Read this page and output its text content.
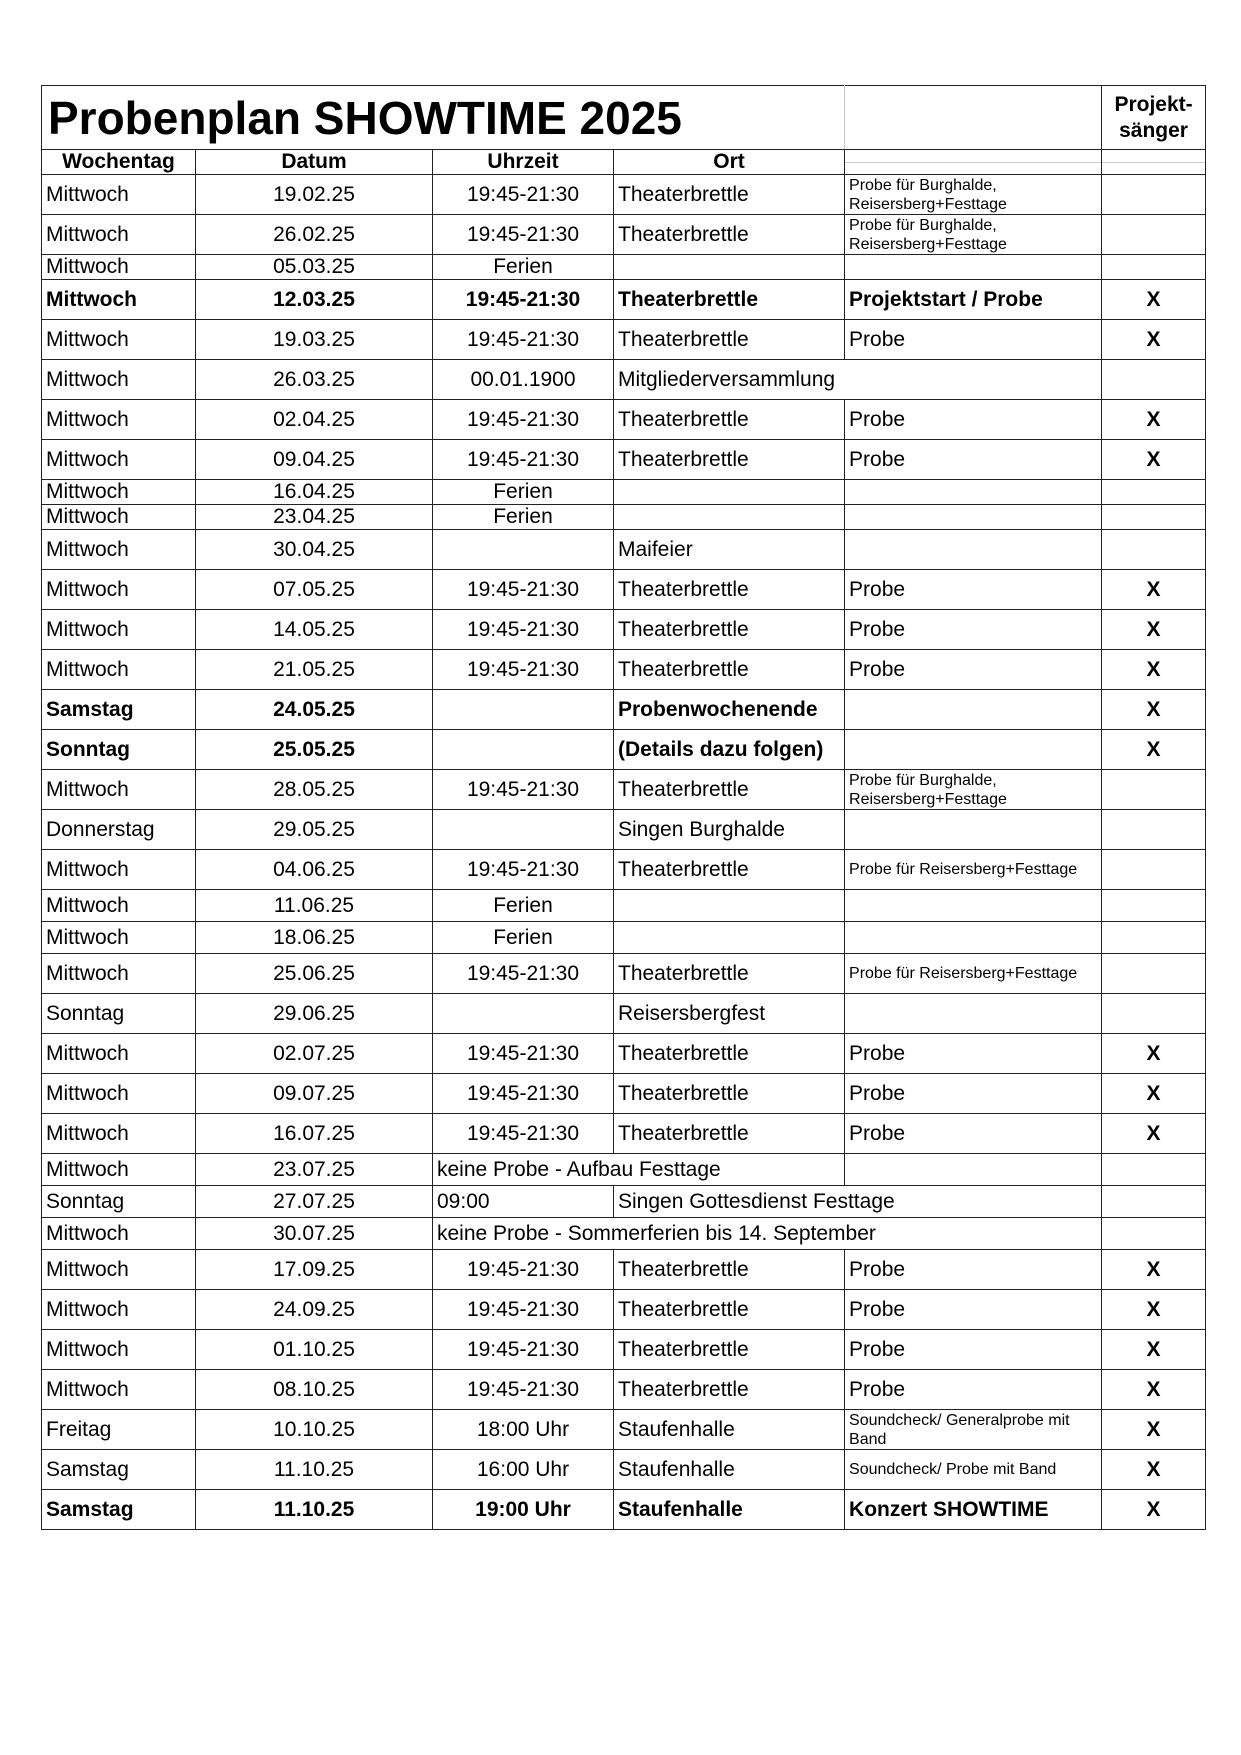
Probenplan SHOWTIME 2025					Projekt-
sänger
Wochentag	Datum	Uhrzeit	Ort		
Mittwoch	19.02.25	19:45-21:30	Theaterbrettle	Probe für Burghalde, Reisersberg+Festtage	
Mittwoch	26.02.25	19:45-21:30	Theaterbrettle	Probe für Burghalde, Reisersberg+Festtage	
Mittwoch	05.03.25	Ferien			
Mittwoch	12.03.25	19:45-21:30	Theaterbrettle	Projektstart / Probe	X
Mittwoch	19.03.25	19:45-21:30	Theaterbrettle	Probe	X
Mittwoch	26.03.25	00.01.1900	Mitgliederversammlung		
Mittwoch	02.04.25	19:45-21:30	Theaterbrettle	Probe	X
Mittwoch	09.04.25	19:45-21:30	Theaterbrettle	Probe	X
Mittwoch	16.04.25	Ferien			
Mittwoch	23.04.25	Ferien			
Mittwoch	30.04.25		Maifeier		
Mittwoch	07.05.25	19:45-21:30	Theaterbrettle	Probe	X
Mittwoch	14.05.25	19:45-21:30	Theaterbrettle	Probe	X
Mittwoch	21.05.25	19:45-21:30	Theaterbrettle	Probe	X
Samstag	24.05.25		Probenwochenende		X
Sonntag	25.05.25		(Details dazu folgen)		X
Mittwoch	28.05.25	19:45-21:30	Theaterbrettle	Probe für Burghalde, Reisersberg+Festtage	
Donnerstag	29.05.25		Singen Burghalde		
Mittwoch	04.06.25	19:45-21:30	Theaterbrettle	Probe für Reisersberg+Festtage	
Mittwoch	11.06.25	Ferien			
Mittwoch	18.06.25	Ferien			
Mittwoch	25.06.25	19:45-21:30	Theaterbrettle	Probe für Reisersberg+Festtage	
Sonntag	29.06.25		Reisersbergfest		
Mittwoch	02.07.25	19:45-21:30	Theaterbrettle	Probe	X
Mittwoch	09.07.25	19:45-21:30	Theaterbrettle	Probe	X
Mittwoch	16.07.25	19:45-21:30	Theaterbrettle	Probe	X
Mittwoch	23.07.25	keine Probe - Aufbau Festtage			
Sonntag	27.07.25	09:00	Singen Gottesdienst Festtage		
Mittwoch	30.07.25	keine Probe - Sommerferien bis 14. September			
Mittwoch	17.09.25	19:45-21:30	Theaterbrettle	Probe	X
Mittwoch	24.09.25	19:45-21:30	Theaterbrettle	Probe	X
Mittwoch	01.10.25	19:45-21:30	Theaterbrettle	Probe	X
Mittwoch	08.10.25	19:45-21:30	Theaterbrettle	Probe	X
Freitag	10.10.25	18:00 Uhr	Staufenhalle	Soundcheck/ Generalprobe mit Band	X
Samstag	11.10.25	16:00 Uhr	Staufenhalle	Soundcheck/ Probe mit Band	X
Samstag	11.10.25	19:00 Uhr	Staufenhalle	Konzert SHOWTIME	X
